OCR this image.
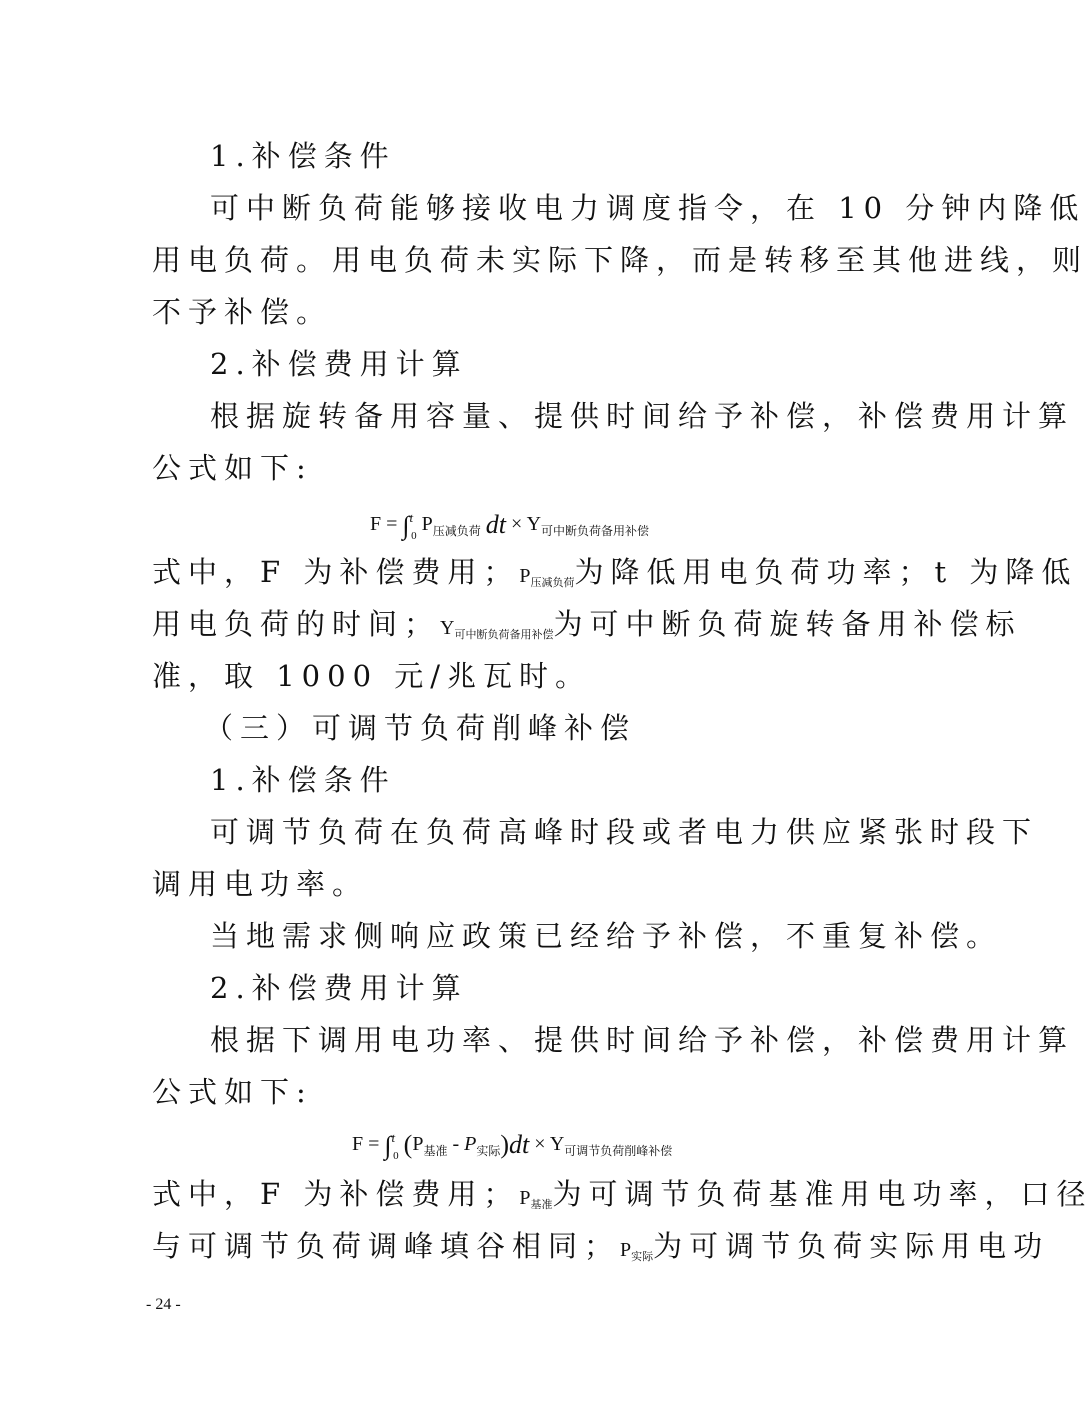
1.补偿条件

可中断负荷能够接收电力调度指令，在 10 分钟内降低

用电负荷。用电负荷未实际下降，而是转移至其他进线，则

不予补偿。

2.补偿费用计算

根据旋转备用容量、提供时间给予补偿，补偿费用计算

公式如下:

F = ∫$^t_0$ $P_{压减负荷}$ dt × $Y_{可中断负荷备用补偿}$

式中，F 为补偿费用；P压减负荷为降低用电负荷功率；t 为降低

用电负荷的时间；Y可中断负荷备用补偿为可中断负荷旋转备用补偿标

准，取 1000 元/兆瓦时。

（三）可调节负荷削峰补偿

1.补偿条件

可调节负荷在负荷高峰时段或者电力供应紧张时段下

调用电功率。

当地需求侧响应政策已经给予补偿，不重复补偿。

2.补偿费用计算

根据下调用电功率、提供时间给予补偿，补偿费用计算

公式如下:

F = ∫$^t_0$ $(P_{基准} - P_{实际})dt \times Y_{可调节负荷削峰补偿}$

式中，F 为补偿费用；P基准为可调节负荷基准用电功率，口径

与可调节负荷调峰填谷相同；P实际为可调节负荷实际用电功

- 24 -
